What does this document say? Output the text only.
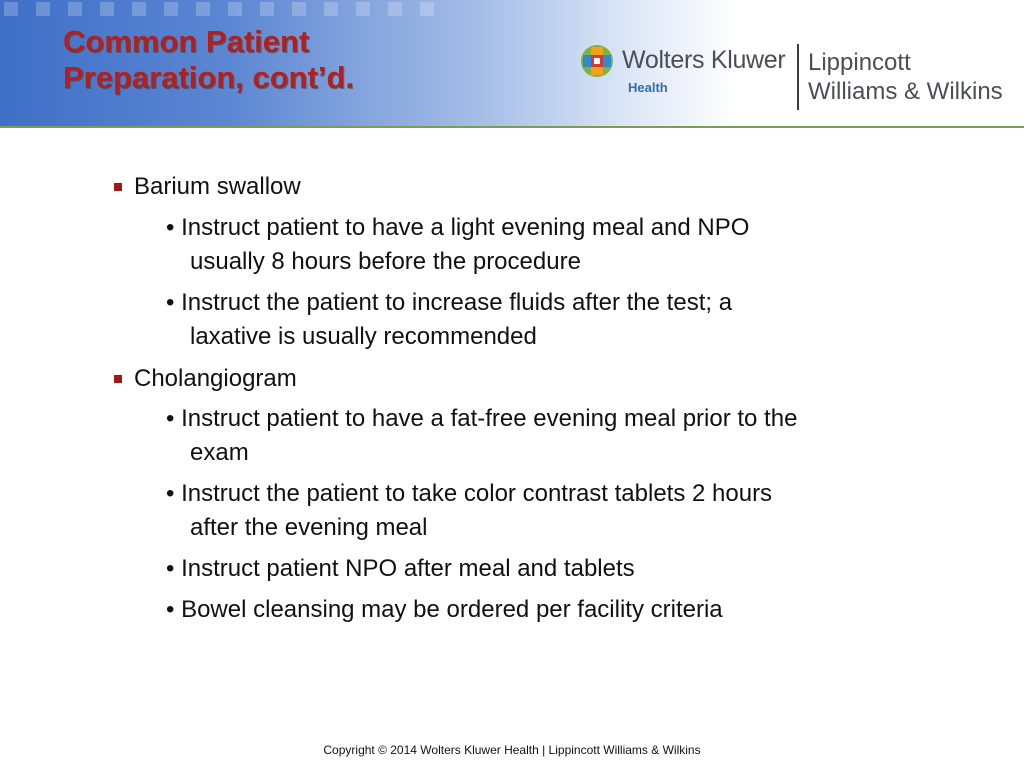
Common Patient
Preparation, cont’d.	Wolters Kluwer
Health
Lippincott
Williams & Wilkins
Barium swallow
• Instruct patient to have a light evening meal and NPO
usually 8 hours before the procedure
• Instruct the patient to increase fluids after the test; a
laxative is usually recommended
Cholangiogram
• Instruct patient to have a fat-free evening meal prior to the
exam
• Instruct the patient to take color contrast tablets 2 hours
after the evening meal
• Instruct patient NPO after meal and tablets
• Bowel cleansing may be ordered per facility criteria
Copyright © 2014 Wolters Kluwer Health | Lippincott Williams & Wilkins
